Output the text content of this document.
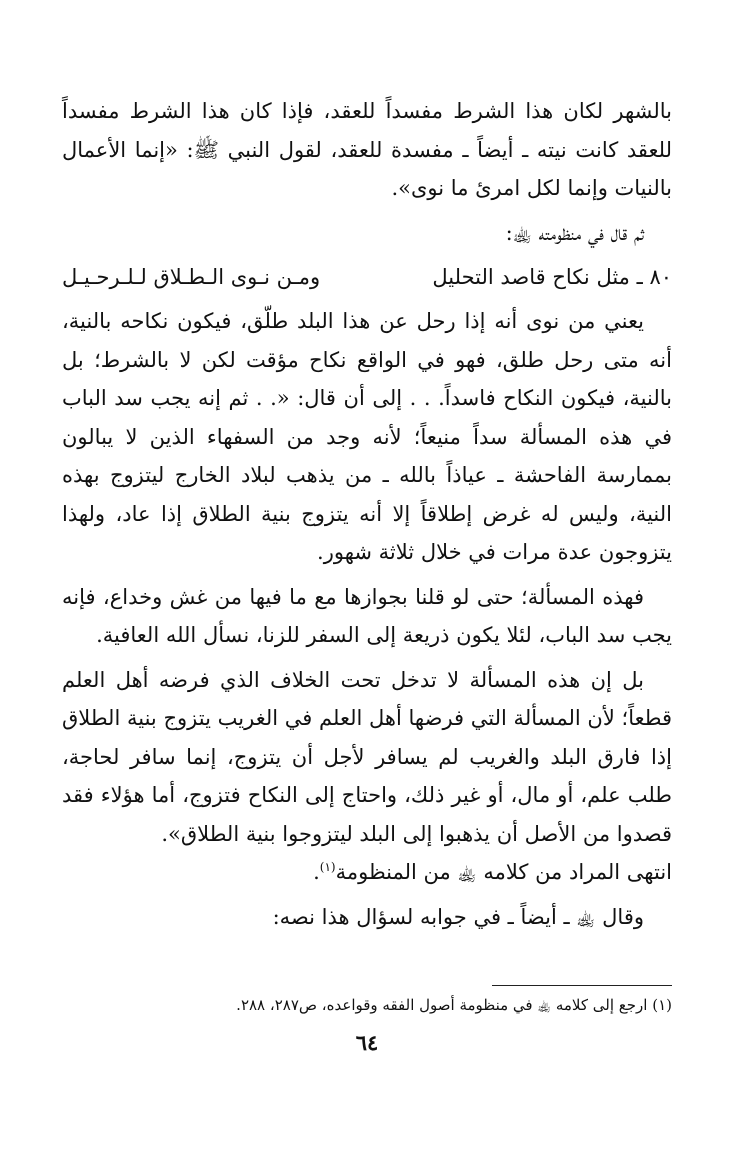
بالشهر لكان هذا الشرط مفسداً للعقد، فإذا كان هذا الشرط مفسداً للعقد كانت نيته ـ أيضاً ـ مفسدة للعقد، لقول النبي ﷺ: «إنما الأعمال بالنيات وإنما لكل امرئ ما نوى».

ثم قال في منظومته ﵀:

٨٠ ـ مثل نكاح قاصد التحليل
ومـن نـوى الـطـلاق لـلـرحـيـل

يعني من نوى أنه إذا رحل عن هذا البلد طلّق، فيكون نكاحه بالنية، أنه متى رحل طلق، فهو في الواقع نكاح مؤقت لكن لا بالشرط؛ بل بالنية، فيكون النكاح فاسداً. . . إلى أن قال: «. . ثم إنه يجب سد الباب في هذه المسألة سداً منيعاً؛ لأنه وجد من السفهاء الذين لا يبالون بممارسة الفاحشة ـ عياذاً بالله ـ من يذهب لبلاد الخارج ليتزوج بهذه النية، وليس له غرض إطلاقاً إلا أنه يتزوج بنية الطلاق إذا عاد، ولهذا يتزوجون عدة مرات في خلال ثلاثة شهور.

فهذه المسألة؛ حتى لو قلنا بجوازها مع ما فيها من غش وخداع، فإنه يجب سد الباب، لئلا يكون ذريعة إلى السفر للزنا، نسأل الله العافية.

بل إن هذه المسألة لا تدخل تحت الخلاف الذي فرضه أهل العلم قطعاً؛ لأن المسألة التي فرضها أهل العلم في الغريب يتزوج بنية الطلاق إذا فارق البلد والغريب لم يسافر لأجل أن يتزوج، إنما سافر لحاجة، طلب علم، أو مال، أو غير ذلك، واحتاج إلى النكاح فتزوج، أما هؤلاء فقد قصدوا من الأصل أن يذهبوا إلى البلد ليتزوجوا بنية الطلاق».

انتهى المراد من كلامه ﵀ من المنظومة$^{(١)}$.

وقال ﵀ ـ أيضاً ـ في جوابه لسؤال هذا نصه:

(١) ارجع إلى كلامه ﵀ في منظومة أصول الفقه وقواعده، ص٢٨٧، ٢٨٨.
٦٤
